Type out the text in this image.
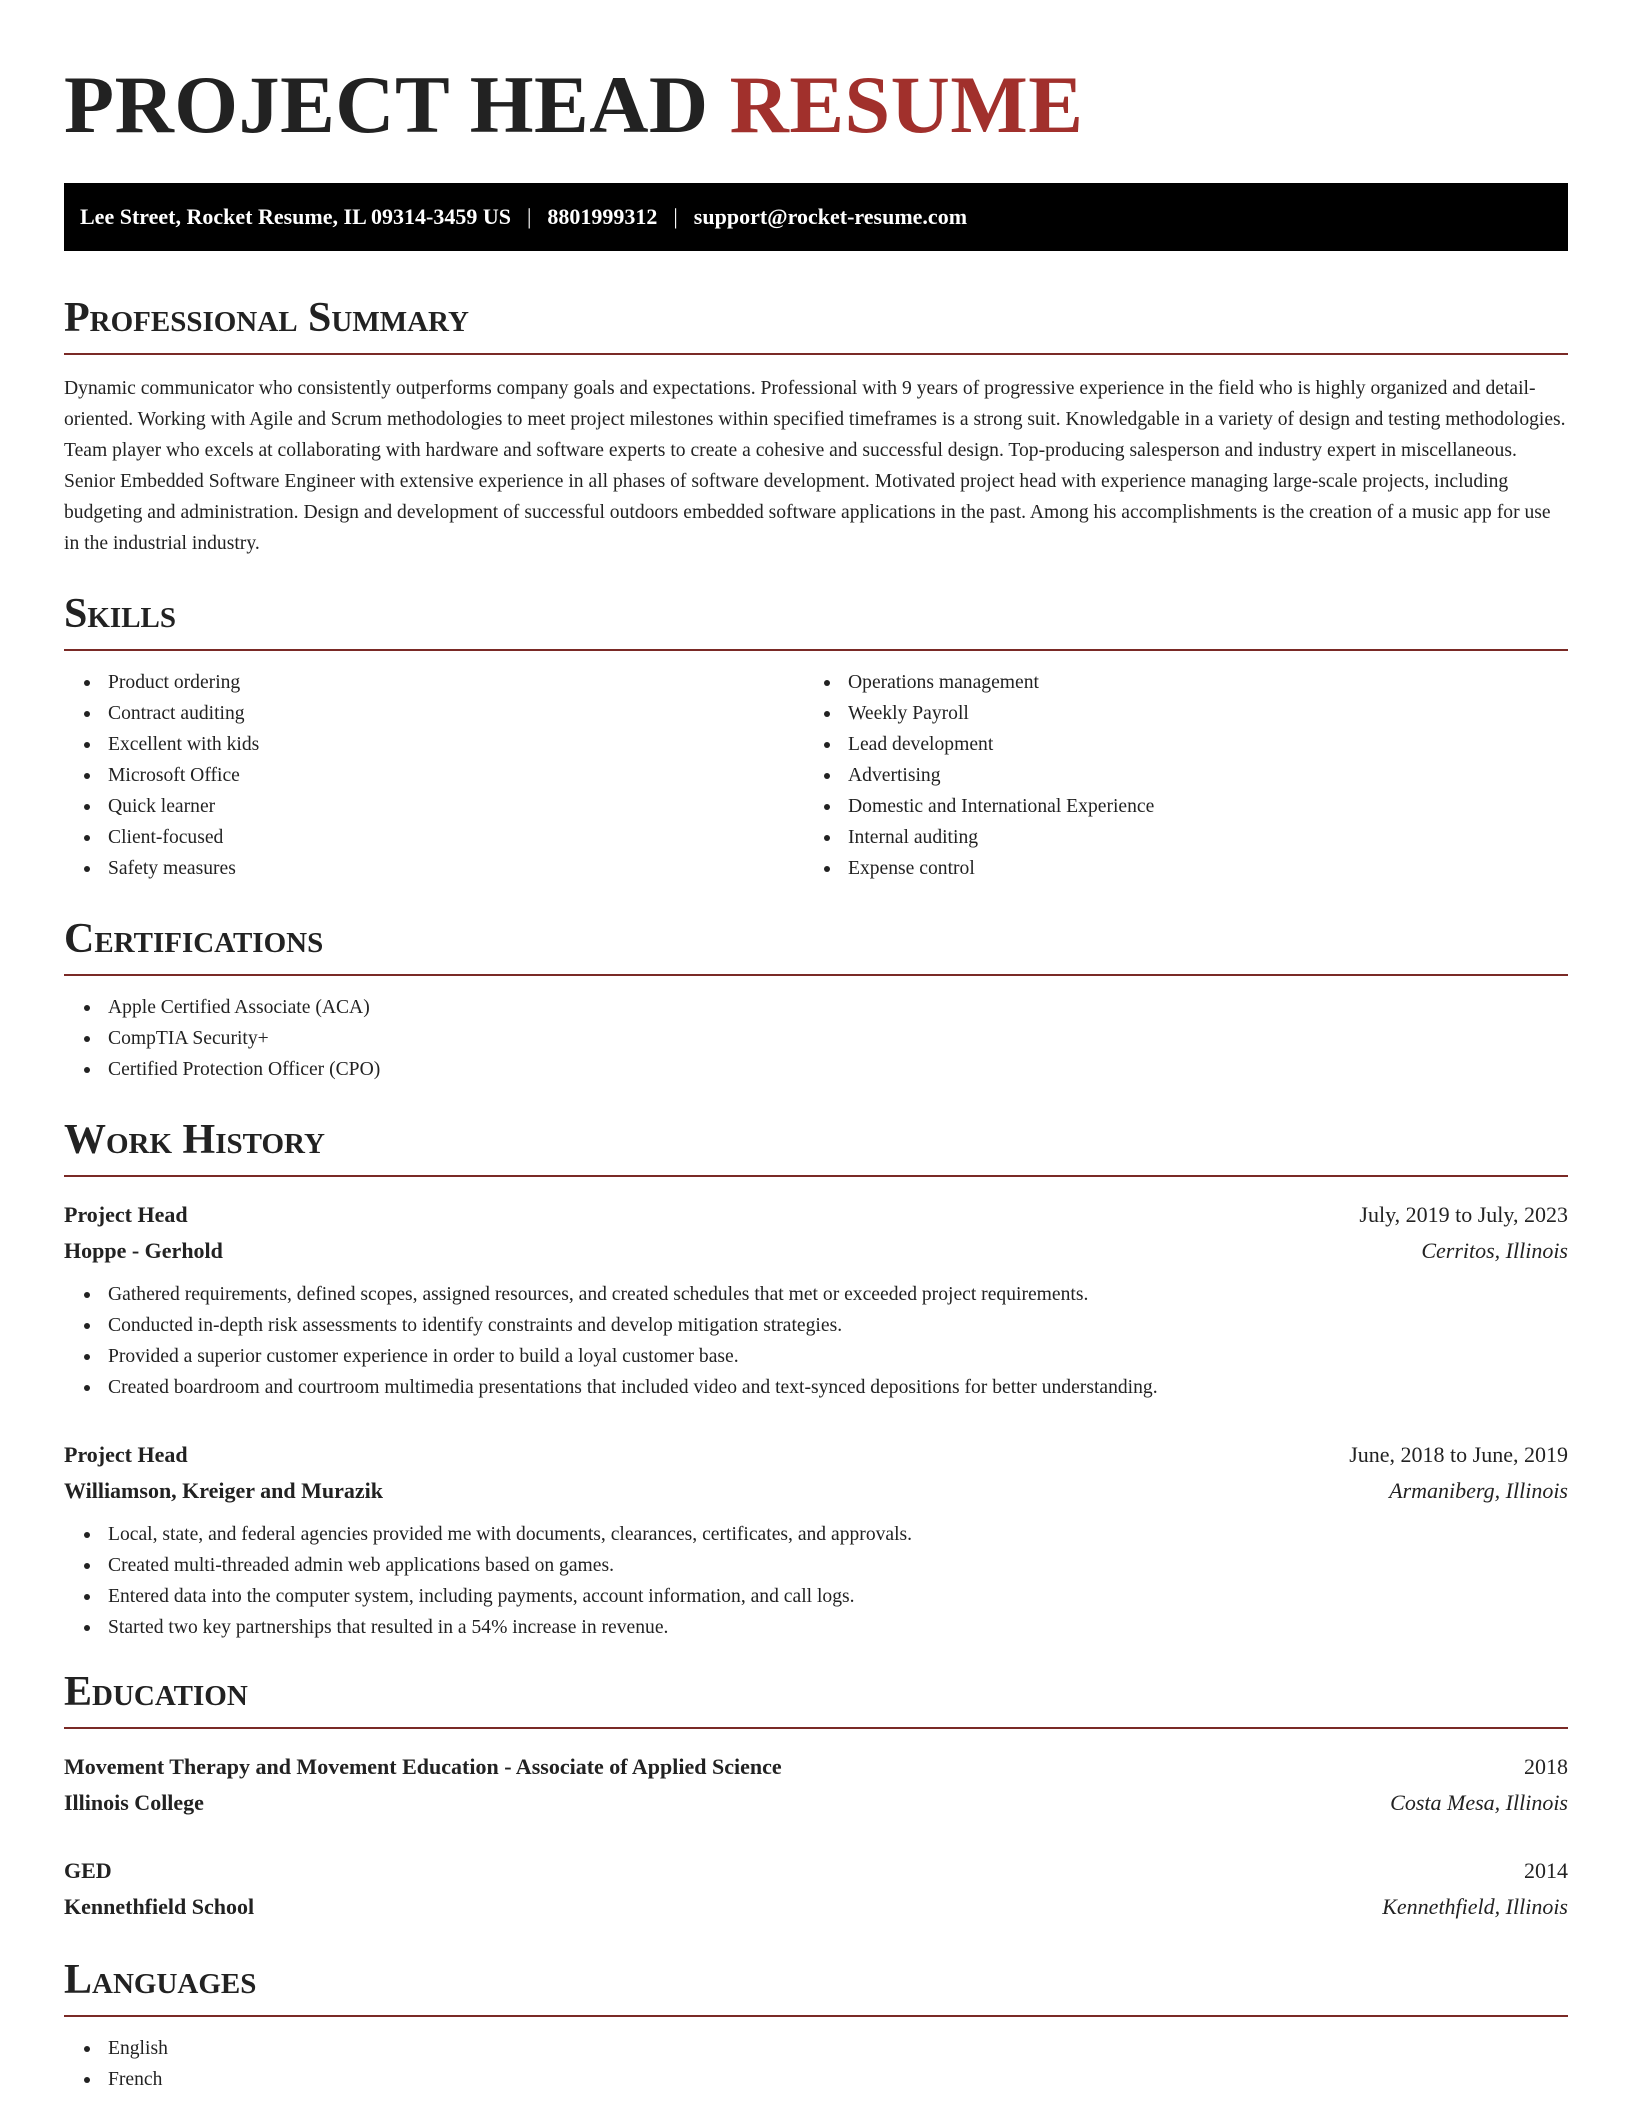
PROJECT HEAD RESUME
Lee Street, Rocket Resume, IL 09314-3459 US | 8801999312 | support@rocket-resume.com
Professional Summary
Dynamic communicator who consistently outperforms company goals and expectations. Professional with 9 years of progressive experience in the field who is highly organized and detail-oriented. Working with Agile and Scrum methodologies to meet project milestones within specified timeframes is a strong suit. Knowledgable in a variety of design and testing methodologies. Team player who excels at collaborating with hardware and software experts to create a cohesive and successful design. Top-producing salesperson and industry expert in miscellaneous. Senior Embedded Software Engineer with extensive experience in all phases of software development. Motivated project head with experience managing large-scale projects, including budgeting and administration. Design and development of successful outdoors embedded software applications in the past. Among his accomplishments is the creation of a music app for use in the industrial industry.
Skills
Product ordering
Contract auditing
Excellent with kids
Microsoft Office
Quick learner
Client-focused
Safety measures
Operations management
Weekly Payroll
Lead development
Advertising
Domestic and International Experience
Internal auditing
Expense control
Certifications
Apple Certified Associate (ACA)
CompTIA Security+
Certified Protection Officer (CPO)
Work History
Project Head	July, 2019 to July, 2023
Hoppe - Gerhold	Cerritos, Illinois
Gathered requirements, defined scopes, assigned resources, and created schedules that met or exceeded project requirements.
Conducted in-depth risk assessments to identify constraints and develop mitigation strategies.
Provided a superior customer experience in order to build a loyal customer base.
Created boardroom and courtroom multimedia presentations that included video and text-synced depositions for better understanding.
Project Head	June, 2018 to June, 2019
Williamson, Kreiger and Murazik	Armaniberg, Illinois
Local, state, and federal agencies provided me with documents, clearances, certificates, and approvals.
Created multi-threaded admin web applications based on games.
Entered data into the computer system, including payments, account information, and call logs.
Started two key partnerships that resulted in a 54% increase in revenue.
Education
Movement Therapy and Movement Education - Associate of Applied Science	2018
Illinois College	Costa Mesa, Illinois
GED	2014
Kennethfield School	Kennethfield, Illinois
Languages
English
French
